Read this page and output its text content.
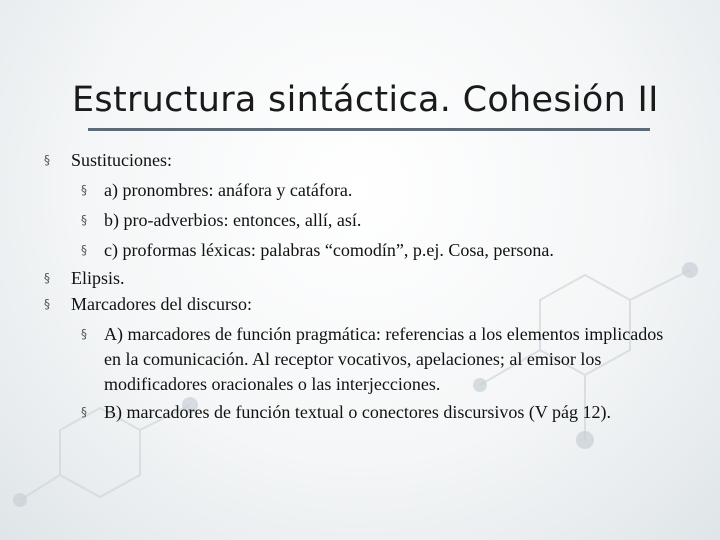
Estructura sintáctica. Cohesión II
§ Sustituciones:
§ a) pronombres: anáfora y catáfora.
§ b) pro-adverbios: entonces, allí, así.
§ c) proformas léxicas: palabras “comodín”, p.ej. Cosa, persona.
§ Elipsis.
§ Marcadores del discurso:
§ A) marcadores de función pragmática: referencias a los elementos implicados en la comunicación. Al receptor vocativos, apelaciones; al emisor los modificadores oracionales o las interjecciones.
§ B) marcadores de función textual o conectores discursivos (V pág 12).
